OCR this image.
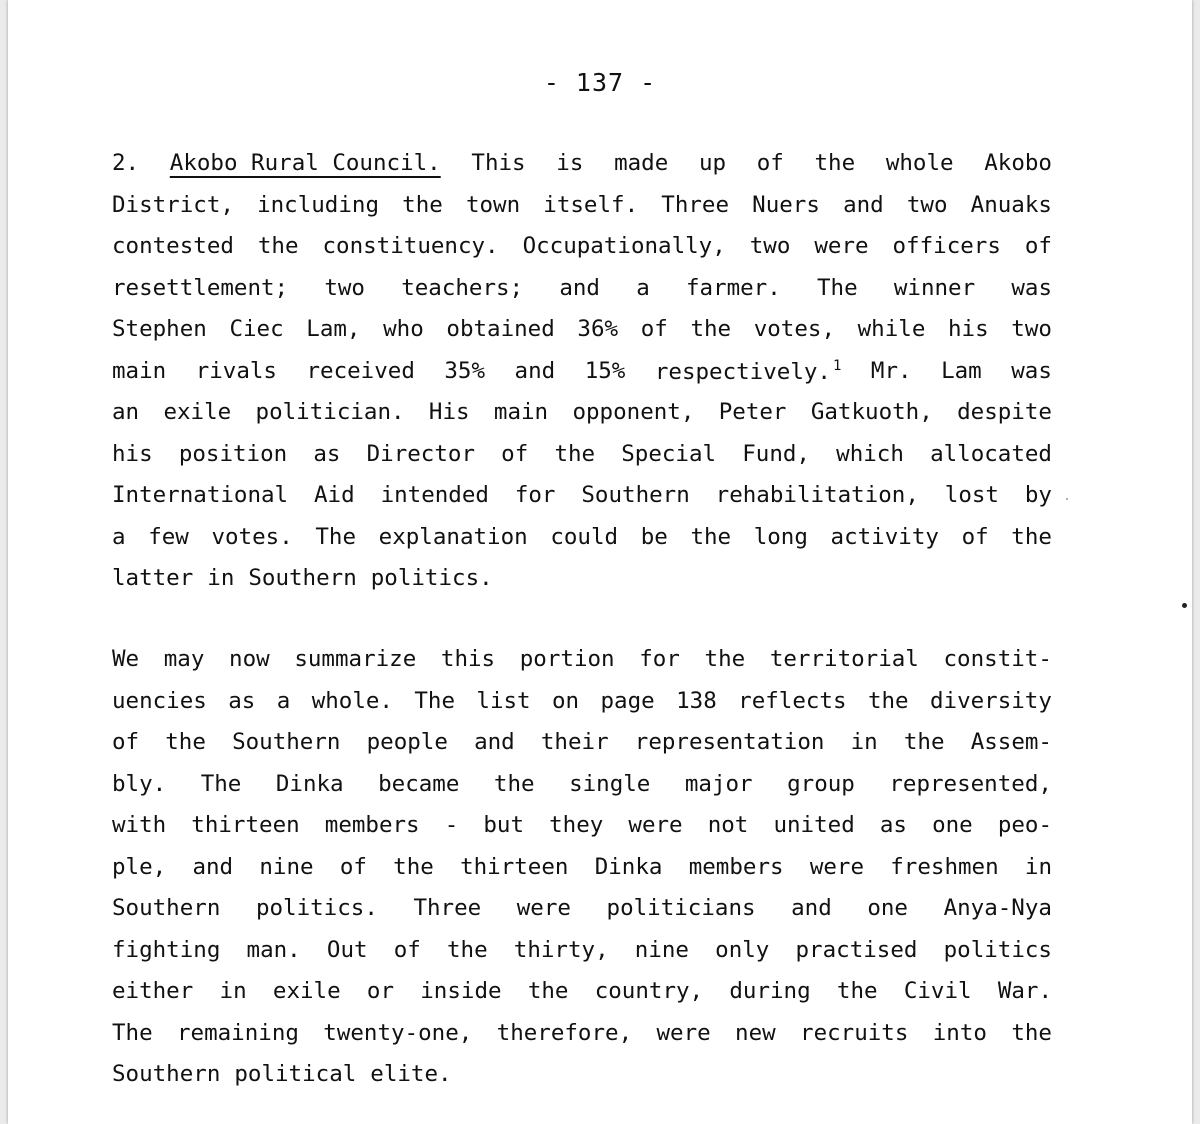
- 137 -
2. Akobo Rural Council. This is made up of the whole Akobo
District, including the town itself. Three Nuers and two Anuaks
contested the constituency. Occupationally, two were officers of
resettlement; two teachers; and a farmer. The winner was
Stephen Ciec Lam, who obtained 36% of the votes, while his two
main rivals received 35% and 15% respectively. $^1$ Mr. Lam was
an exile politician. His main opponent, Peter Gatkuoth, despite
his position as Director of the Special Fund, which allocated
International Aid intended for Southern rehabilitation, lost by
a few votes. The explanation could be the long activity of the
latter in Southern politics.
We may now summarize this portion for the territorial constit-
uencies as a whole. The list on page 138 reflects the diversity
of the Southern people and their representation in the Assem-
bly. The Dinka became the single major group represented,
with thirteen members - but they were not united as one peo-
ple, and nine of the thirteen Dinka members were freshmen in
Southern politics. Three were politicians and one Anya-Nya
fighting man. Out of the thirty, nine only practised politics
either in exile or inside the country, during the Civil War.
The remaining twenty-one, therefore, were new recruits into the
Southern political elite.
